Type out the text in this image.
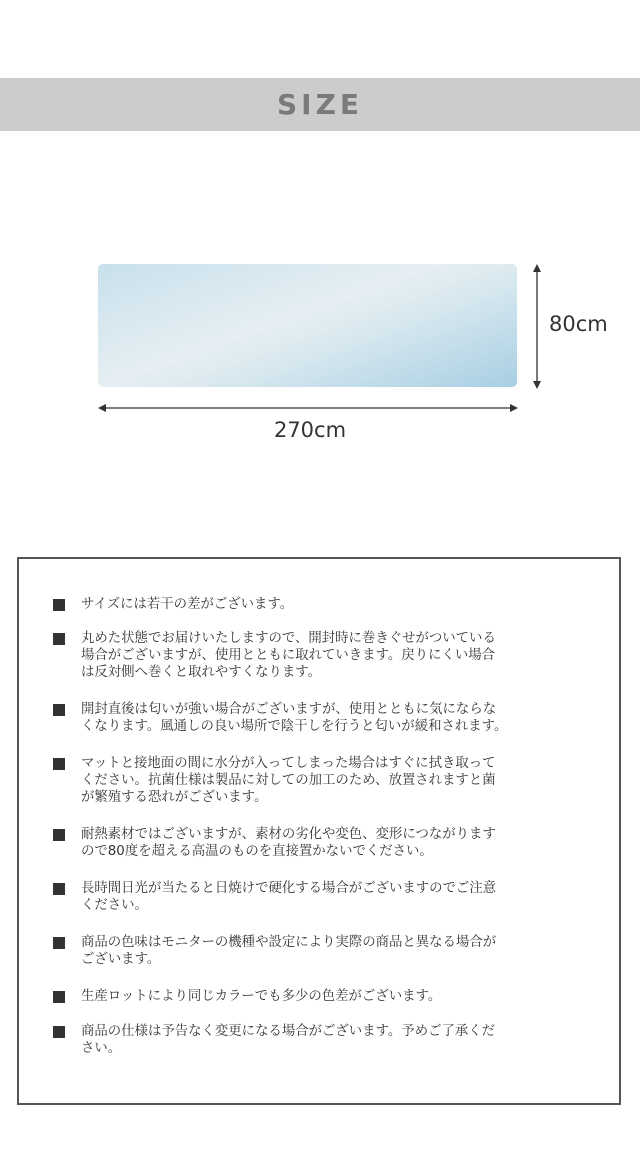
SIZE
80cm
270cm
サイズには若干の差がございます。
丸めた状態でお届けいたしますので、開封時に巻きぐせがついている
場合がございますが、使用とともに取れていきます。戻りにくい場合
は反対側へ巻くと取れやすくなります。
開封直後は匂いが強い場合がございますが、使用とともに気にならな
くなります。風通しの良い場所で陰干しを行うと匂いが緩和されます。
マットと接地面の間に水分が入ってしまった場合はすぐに拭き取って
ください。抗菌仕様は製品に対しての加工のため、放置されますと菌
が繁殖する恐れがございます。
耐熱素材ではございますが、素材の劣化や変色、変形につながります
ので80度を超える高温のものを直接置かないでください。
長時間日光が当たると日焼けで硬化する場合がございますのでご注意
ください。
商品の色味はモニターの機種や設定により実際の商品と異なる場合が
ございます。
生産ロットにより同じカラーでも多少の色差がございます。
商品の仕様は予告なく変更になる場合がございます。予めご了承くだ
さい。
